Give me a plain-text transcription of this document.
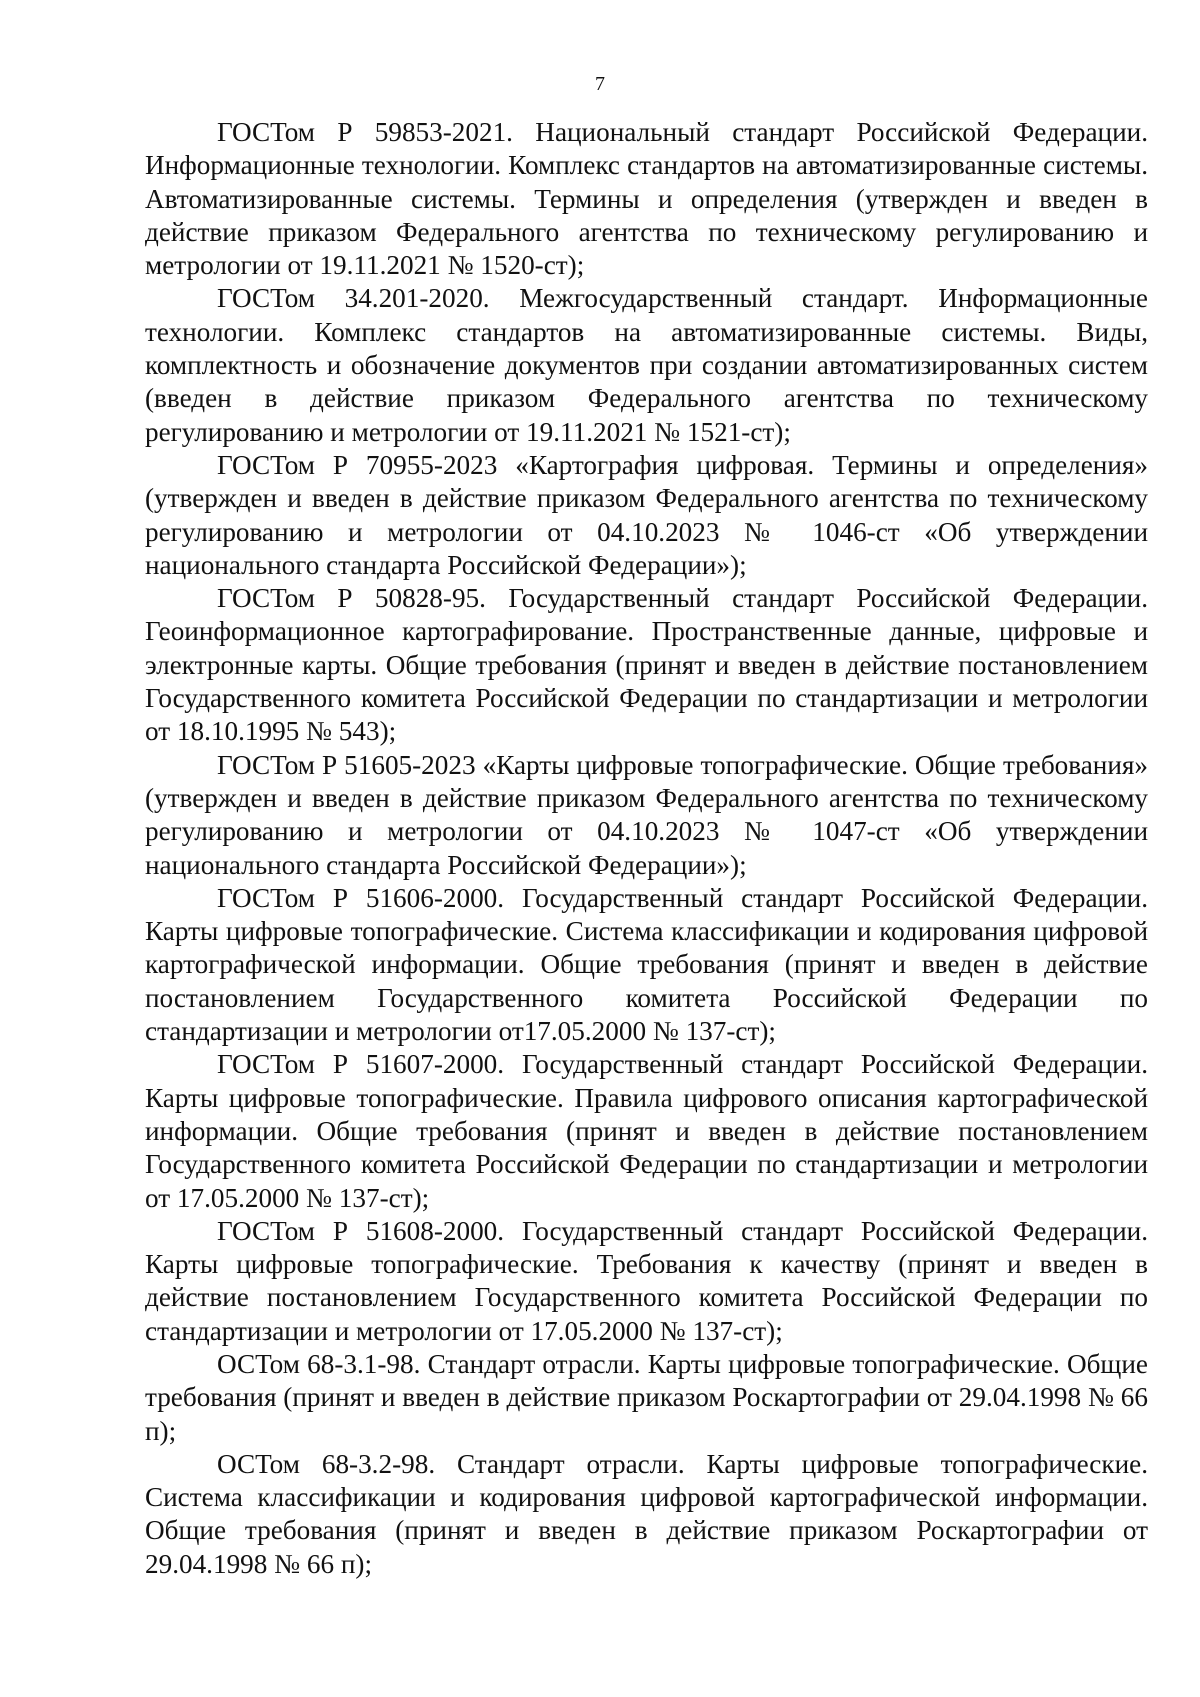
7

ГОСТом Р 59853-2021. Национальный стандарт Российской Федерации. Информационные технологии. Комплекс стандартов на автоматизированные системы. Автоматизированные системы. Термины и определения (утвержден и введен в действие приказом Федерального агентства по техническому регулированию и метрологии от 19.11.2021 № 1520-ст);

ГОСТом 34.201-2020. Межгосударственный стандарт. Информационные технологии. Комплекс стандартов на автоматизированные системы. Виды, комплектность и обозначение документов при создании автоматизированных систем (введен в действие приказом Федерального агентства по техническому регулированию и метрологии от 19.11.2021 № 1521-ст);

ГОСТом Р 70955-2023 «Картография цифровая. Термины и определения» (утвержден и введен в действие приказом Федерального агентства по техническому регулированию и метрологии от 04.10.2023 № 1046-ст «Об утверждении национального стандарта Российской Федерации»);

ГОСТом Р 50828-95. Государственный стандарт Российской Федерации. Геоинформационное картографирование. Пространственные данные, цифровые и электронные карты. Общие требования (принят и введен в действие постановлением Государственного комитета Российской Федерации по стандартизации и метрологии от 18.10.1995 № 543);

ГОСТом Р 51605-2023 «Карты цифровые топографические. Общие требования» (утвержден и введен в действие приказом Федерального агентства по техническому регулированию и метрологии от 04.10.2023 № 1047-ст «Об утверждении национального стандарта Российской Федерации»);

ГОСТом Р 51606-2000. Государственный стандарт Российской Федерации. Карты цифровые топографические. Система классификации и кодирования цифровой картографической информации. Общие требования (принят и введен в действие постановлением Государственного комитета Российской Федерации по стандартизации и метрологии от17.05.2000 № 137-ст);

ГОСТом Р 51607-2000. Государственный стандарт Российской Федерации. Карты цифровые топографические. Правила цифрового описания картографической информации. Общие требования (принят и введен в действие постановлением Государственного комитета Российской Федерации по стандартизации и метрологии от 17.05.2000 № 137-ст);

ГОСТом Р 51608-2000. Государственный стандарт Российской Федерации. Карты цифровые топографические. Требования к качеству (принят и введен в действие постановлением Государственного комитета Российской Федерации по стандартизации и метрологии от 17.05.2000 № 137-ст);

ОСТом 68-3.1-98. Стандарт отрасли. Карты цифровые топографические. Общие требования (принят и введен в действие приказом Роскартографии от 29.04.1998 № 66 п);

ОСТом 68-3.2-98. Стандарт отрасли. Карты цифровые топографические. Система классификации и кодирования цифровой картографической информации. Общие требования (принят и введен в действие приказом Роскартографии от 29.04.1998 № 66 п);
